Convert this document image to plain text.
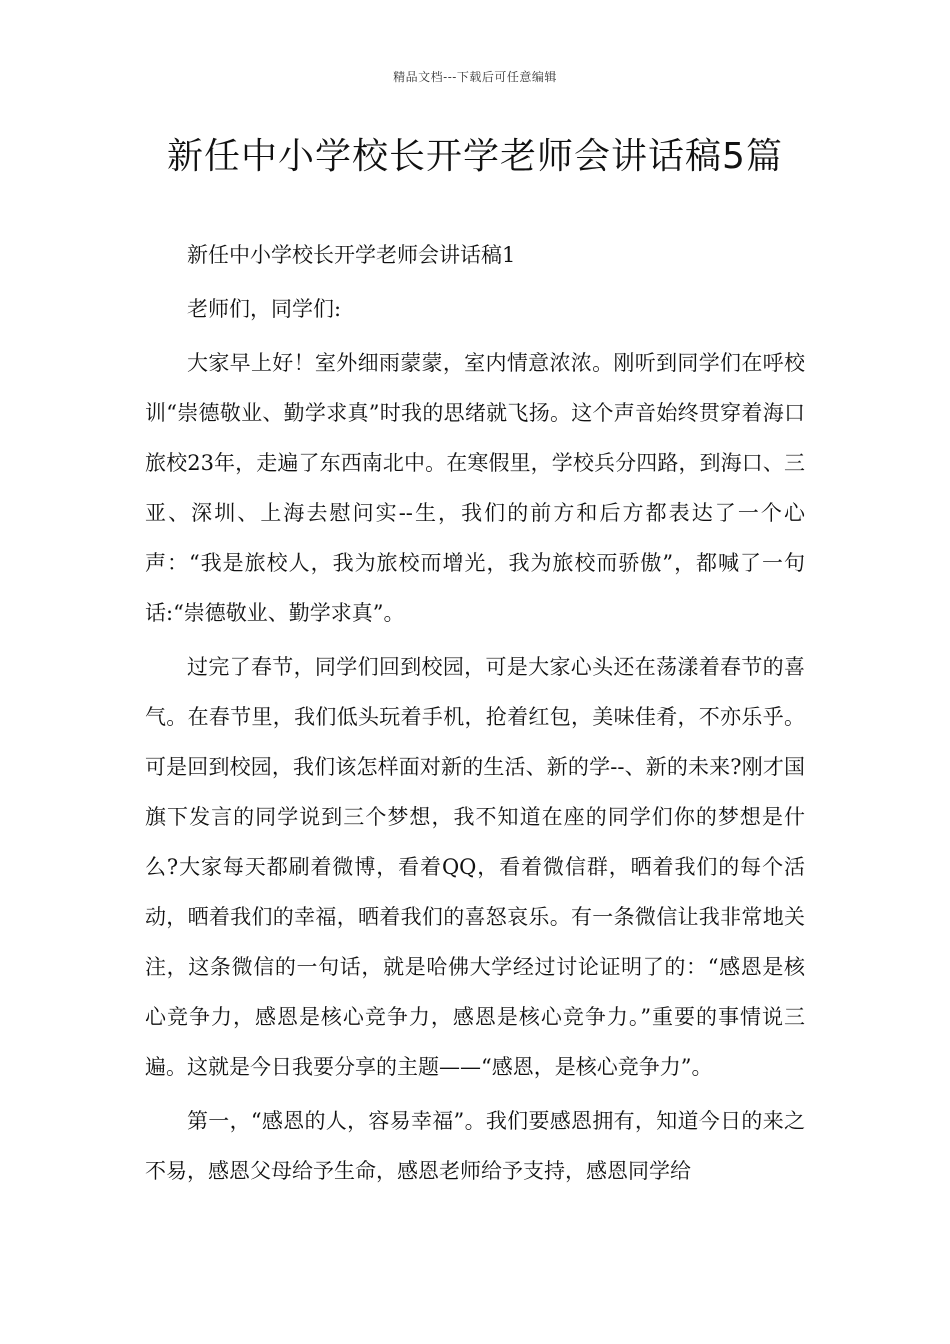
精品文档---下载后可任意编辑
新任中小学校长开学老师会讲话稿5篇

新任中小学校长开学老师会讲话稿1

老师们，同学们:

大家早上好！室外细雨蒙蒙，室内情意浓浓。刚听到同学们在呼校训“崇德敬业、勤学求真”时我的思绪就飞扬。这个声音始终贯穿着海口旅校23年，走遍了东西南北中。在寒假里，学校兵分四路，到海口、三亚、深圳、上海去慰问实--生，我们的前方和后方都表达了一个心声：“我是旅校人，我为旅校而增光，我为旅校而骄傲”，都喊了一句话:“崇德敬业、勤学求真”。

过完了春节，同学们回到校园，可是大家心头还在荡漾着春节的喜气。在春节里，我们低头玩着手机，抢着红包，美味佳肴，不亦乐乎。可是回到校园，我们该怎样面对新的生活、新的学--、新的未来?刚才国旗下发言的同学说到三个梦想，我不知道在座的同学们你的梦想是什么?大家每天都刷着微博，看着QQ，看着微信群，晒着我们的每个活动，晒着我们的幸福，晒着我们的喜怒哀乐。有一条微信让我非常地关注，这条微信的一句话，就是哈佛大学经过讨论证明了的：“感恩是核心竞争力，感恩是核心竞争力，感恩是核心竞争力。”重要的事情说三遍。这就是今日我要分享的主题——“感恩，是核心竞争力”。

第一，“感恩的人，容易幸福”。我们要感恩拥有，知道今日的来之不易，感恩父母给予生命，感恩老师给予支持，感恩同学给
